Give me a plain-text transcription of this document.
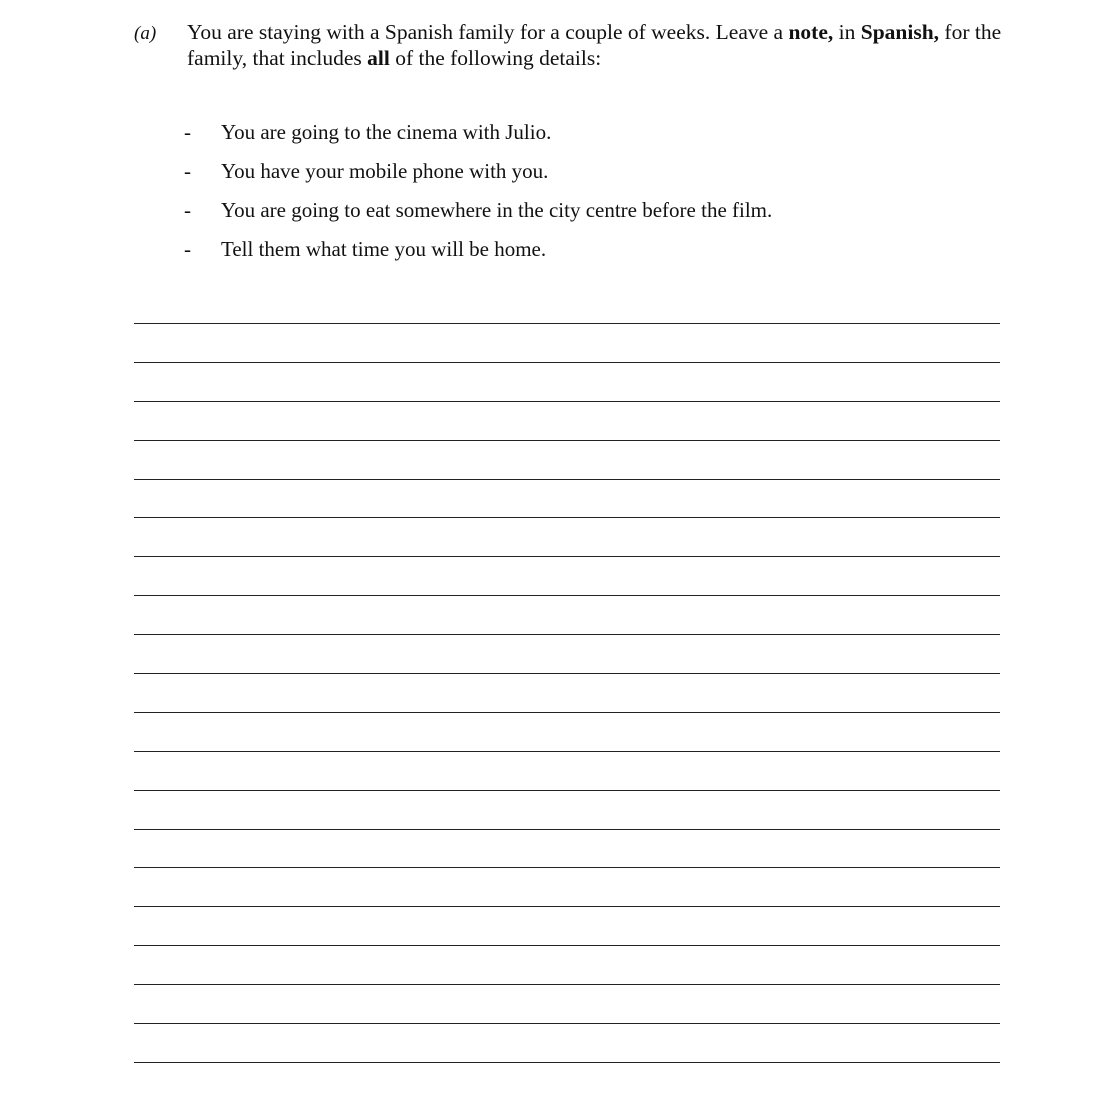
(a) You are staying with a Spanish family for a couple of weeks. Leave a note, in Spanish, for the family, that includes all of the following details:
-	You are going to the cinema with Julio.
-	You have your mobile phone with you.
-	You are going to eat somewhere in the city centre before the film.
-	Tell them what time you will be home.
